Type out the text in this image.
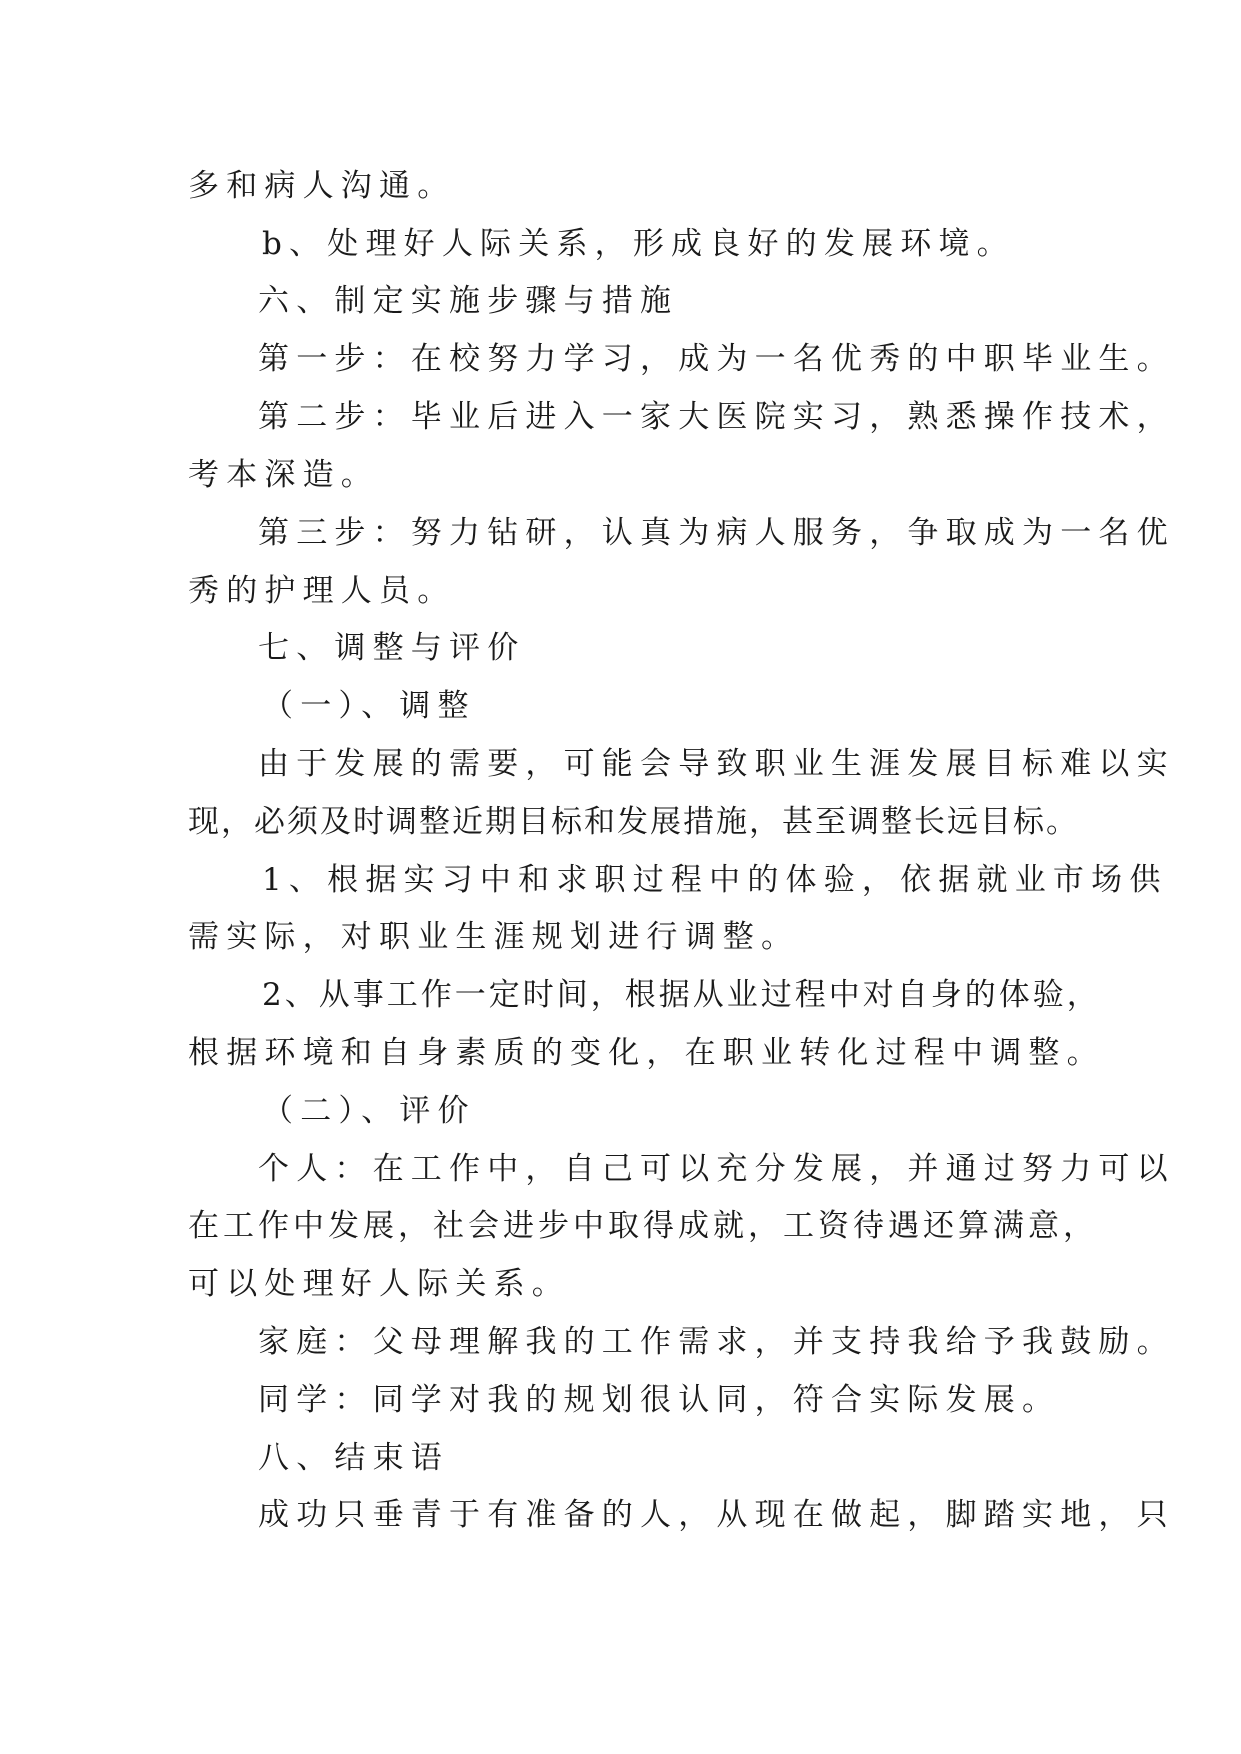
多和病人沟通。
b、处理好人际关系，形成良好的发展环境。
六、制定实施步骤与措施
第一步：在校努力学习，成为一名优秀的中职毕业生。
第二步：毕业后进入一家大医院实习，熟悉操作技术，
考本深造。
第三步：努力钻研，认真为病人服务，争取成为一名优
秀的护理人员。
七、调整与评价
（一）、调整
由于发展的需要，可能会导致职业生涯发展目标难以实
现，必须及时调整近期目标和发展措施，甚至调整长远目标。
1、根据实习中和求职过程中的体验，依据就业市场供
需实际，对职业生涯规划进行调整。
2、从事工作一定时间，根据从业过程中对自身的体验，
根据环境和自身素质的变化，在职业转化过程中调整。
（二）、评价
个人：在工作中，自己可以充分发展，并通过努力可以
在工作中发展，社会进步中取得成就，工资待遇还算满意，
可以处理好人际关系。
家庭：父母理解我的工作需求，并支持我给予我鼓励。
同学：同学对我的规划很认同，符合实际发展。
八、结束语
成功只垂青于有准备的人，从现在做起，脚踏实地，只
